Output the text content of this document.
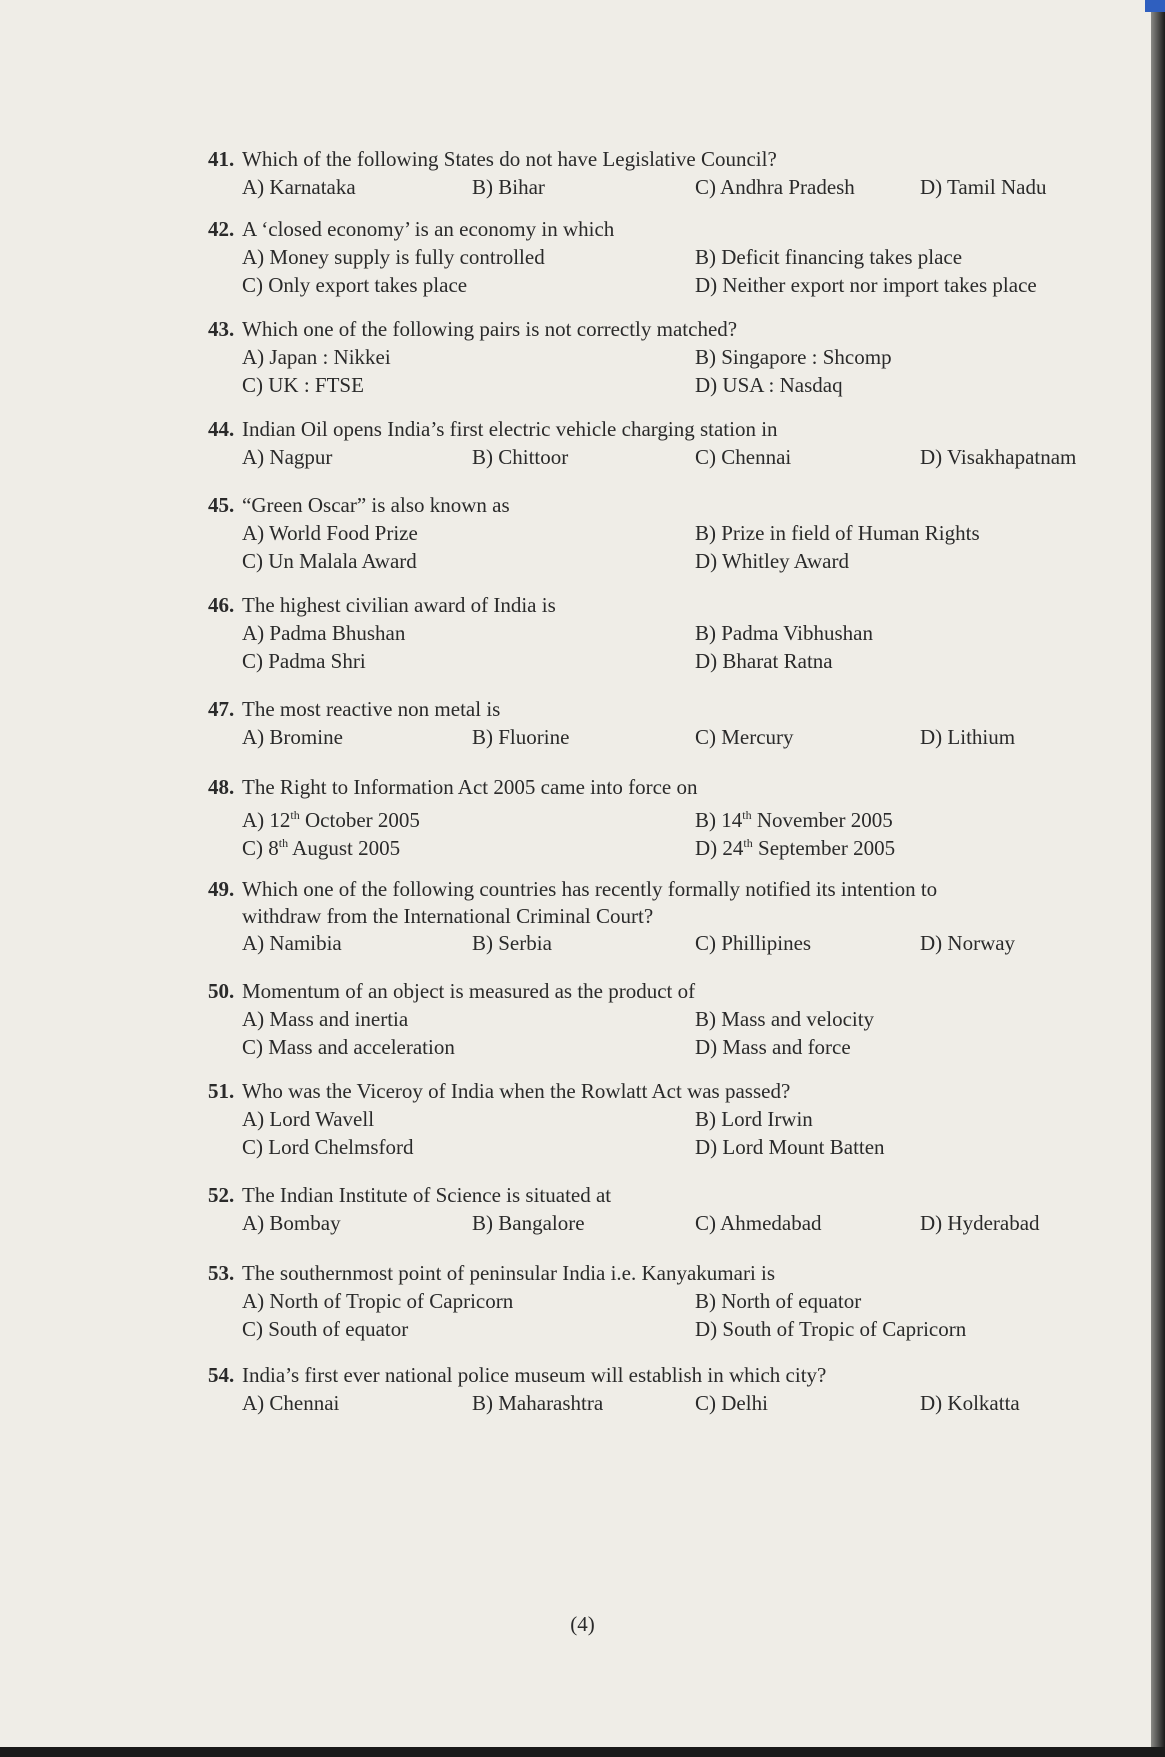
41. Which of the following States do not have Legislative Council?
A) Karnataka	B) Bihar	C) Andhra Pradesh	D) Tamil Nadu
42. A ‘closed economy’ is an economy in which
A) Money supply is fully controlled	B) Deficit financing takes place
C) Only export takes place	D) Neither export nor import takes place
43. Which one of the following pairs is not correctly matched?
A) Japan : Nikkei	B) Singapore : Shcomp
C) UK : FTSE	D) USA : Nasdaq
44. Indian Oil opens India’s first electric vehicle charging station in
A) Nagpur	B) Chittoor	C) Chennai	D) Visakhapatnam
45. “Green Oscar” is also known as
A) World Food Prize	B) Prize in field of Human Rights
C) Un Malala Award	D) Whitley Award
46. The highest civilian award of India is
A) Padma Bhushan	B) Padma Vibhushan
C) Padma Shri	D) Bharat Ratna
47. The most reactive non metal is
A) Bromine	B) Fluorine	C) Mercury	D) Lithium
48. The Right to Information Act 2005 came into force on
A) 12th October 2005	B) 14th November 2005
C) 8th August 2005	D) 24th September 2005
49. Which one of the following countries has recently formally notified its intention to
withdraw from the International Criminal Court?
A) Namibia	B) Serbia	C) Phillipines	D) Norway
50. Momentum of an object is measured as the product of
A) Mass and inertia	B) Mass and velocity
C) Mass and acceleration	D) Mass and force
51. Who was the Viceroy of India when the Rowlatt Act was passed?
A) Lord Wavell	B) Lord Irwin
C) Lord Chelmsford	D) Lord Mount Batten
52. The Indian Institute of Science is situated at
A) Bombay	B) Bangalore	C) Ahmedabad	D) Hyderabad
53. The southernmost point of peninsular India i.e. Kanyakumari is
A) North of Tropic of Capricorn	B) North of equator
C) South of equator	D) South of Tropic of Capricorn
54. India’s first ever national police museum will establish in which city?
A) Chennai	B) Maharashtra	C) Delhi	D) Kolkatta
(4)
